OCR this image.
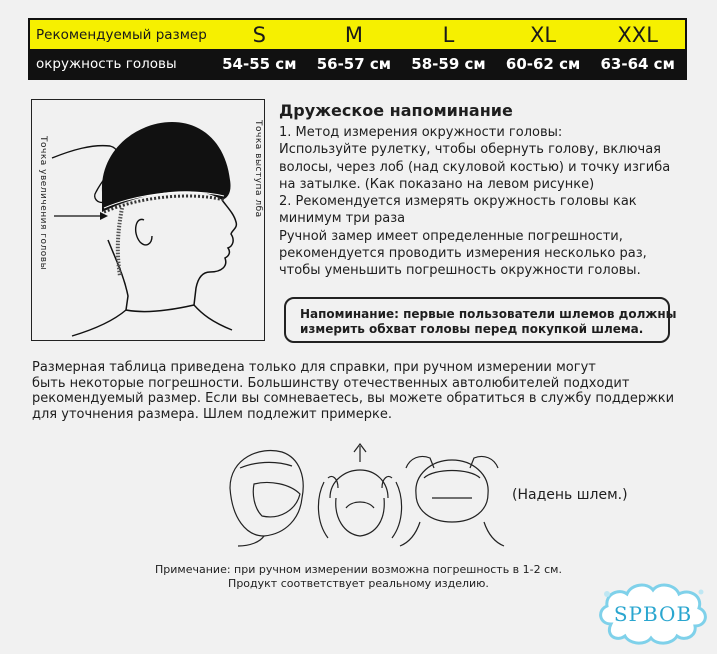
Рекомендуемый размер	S	M	L	XL	XXL
окружность головы	54-55 см	56-57 см	58-59 см	60-62 см	63-64 см
Точка увеличения головы	Точка выступа лба
Дружеское напоминание
1. Метод измерения окружности головы:
Используйте рулетку, чтобы обернуть голову, включая
волосы, через лоб (над скуловой костью) и точку изгиба
на затылке. (Как показано на левом рисунке)
2. Рекомендуется измерять окружность головы как
минимум три раза
Ручной замер имеет определенные погрешности,
рекомендуется проводить измерения несколько раз,
чтобы уменьшить погрешность окружности головы.
Напоминание: первые пользователи шлемов должны
измерить обхват головы перед покупкой шлема.
Размерная таблица приведена только для справки, при ручном измерении могут
быть некоторые погрешности. Большинству отечественных автолюбителей подходит
рекомендуемый размер. Если вы сомневаетесь, вы можете обратиться в службу поддержки
для уточнения размера. Шлем подлежит примерке.
(Надень шлем.)
Примечание: при ручном измерении возможна погрешность в 1-2 см.
Продукт соответствует реальному изделию.
SPBOB
